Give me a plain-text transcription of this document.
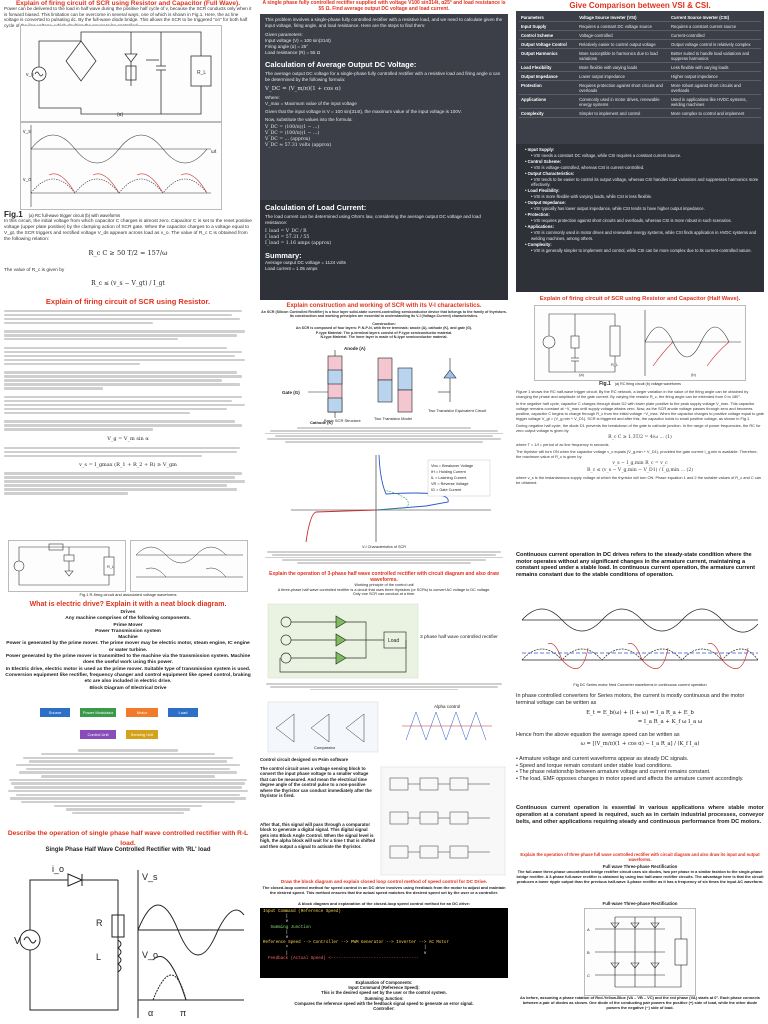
Explain of firing circuit of SCR using Resistor and Capacitor (Full Wave).
Power can be delivered to the load in half wave during the positive half cycle of v, because the SCR conducts only when it is forward biased. This limitation can be overcome in several ways, one of which is shown in Fig.1. Here, the ac line voltage is converted to pulsating dc. By the full-wave diode bridge. This allows the SCR to be triggered "on" for both half cycle of the line voltage, which doubles the power to be controlled.
v_s	R_L
(a)
v_s
v_o
ωt
Fig.1 (a) RC full-wave trigger circuit (b) with waveforms
In this circuit, the initial voltage from which capacitor C charges is almost zero. Capacitor C is set to the reset positive voltage (upper plate positive) by the clamping action of SCR gate. When the capacitor charges to a voltage equal to V_gt, the SCR triggers and rectified voltage V_ds appears across load as v_o. The value of R_c C is obtained from the following relation:
R_c C ≥ 50 T/2 = 157/ω
The value of R_c is given by
R_c ≤ (v_s − V_gt) / I_gt
Explain of firing circuit of SCR using Resistor.
V_g = V_m sin α
v_s = I_gmax (R_1 + R_2 + R) ≥ V_gm
R_L
Fig.1 R-firing circuit and associated voltage waveforms
What is electric drive? Explain it with a neat block diagram.
Drives
Any machine comprises of the following components.
Prime Mover
Power Transmission system
Machine
Power is generated by the prime mover. The prime mover may be electric motor, steam engine, IC engine or water turbine.
Power generated by the prime mover is transmitted to the machine via the transmission system. Machine does the useful work using this power.
In Electric drive, electric motor is used as the prime mover. Suitable type of transmission system is used.
Conversion equipment like rectifier, frequency changer and control equipment like speed control, braking etc are also included in electric drive.
Block Diagram of Electrical Drive
Source	Power Modulator	Motor	Load
Control Unit	Sensing Unit
Describe the operation of single phase half wave controlled rectifier with R-L load.
Single Phase Half Wave Controlled Rectifier with 'RL' load
V
R
L
i_o
V_s
V_o
α	π
A single phase fully controlled rectifier supplied with voltage V100 sin314t, α25° and load resistance is 55 Ω. Find average output DC voltage and load current.
This problem involves a single-phase fully controlled rectifier with a resistive load, and we need to calculate given the input voltage, firing angle, and load resistance. Here are the steps to find them:
Given parameters:
Input voltage (V) = 100 sin(314t)
Firing angle (α) = 25°
Load resistance (R) = 55 Ω
Calculation of Average Output DC Voltage:
The average output DC voltage for a single-phase fully controlled rectifier with a resistive load and firing angle α can be determined by the following formula:
V_DC = (V_m/π)(1 + cos α)
Where:
V_max = Maximum value of the input voltage
Given that the input voltage is V = 100 sin(314t), the maximum value of the input voltage is 100V.
Now, substitute the values into the formula:
V_DC = (100/π)(1 − ...)
V_DC = (100/π)(1 − ...)
V_DC = ... (approx)
V_DC ≈ 57.31 volts (approx)
Calculation of Load Current:
The load current can be determined using Ohm's law, considering the average output DC voltage and load resistance:
I_load = V_DC / R
I_load = 57.31 / 55
I_load = 1.16 amps (approx)
Summary:
Average output DC voltage = 1124 volts
Load current = 1.05 amps
Explain construction and working of SCR with its V-I characteristics.
An SCR (Silicon Controlled Rectifier) is a four layer solid-state current-controlling semiconductor device that belongs to the family of thyristors. Its construction and working principles are essential to understanding its V-I (Voltage-Current) characteristics.
Construction:
An SCR is composed of four layers: P-N-P-N, with three terminals: anode (A), cathode (K), and gate (G).
P-type Material: The p-terminal layers consist of P-type semiconductor material.
N-type Material: The inner layer is made of N-type semiconductor material.
Anode (A)
Gate (G)
Basic SCR Structure	Two Transistor Model
Two Transistor Equivalent Circuit
Cathode (K)
Vbo = Breakover Voltage
IH = Holding Current
IL = Latching Current
VR = Reverse Voltage
IG = Gate Current
V-I Characteristics of SCR
Explain the operation of 3-phase half wave controlled rectifier with circuit diagram and also draw waveforms.
Working principle of the control unit
A three-phase half wave controlled rectifier is a circuit that uses three thyristors (or SCRs) to convert AC voltage to DC voltage.
Only one SCR can conduct at a time.
Load
3 phase half wave controlled rectifier
Comparator
Alpha control
Control circuit designed on Psim software
The control circuit uses a voltage sensing block to convert the input phase voltage to a smaller voltage that can be measured. And mean the electrical time degree angle of the control pulse to a non-positive where the thyristor can conduct immediately after the thyristor is fired.
After that, this signal will pass through a comparator block to generate a digital signal. This digital signal gets into Block Angle Control. When the signal level is high, the alpha block will wait for a time t that is shifted and then output a signal to activate the thyristor.
Draw the block diagram and explain closed loop control method of speed control for DC Drive.
The closed-loop control method for speed control in an DC drive involves using feedback from the motor to adjust and maintain the desired speed. This method ensures that the actual speed matches the desired speed set by the user or a controller.
A block diagram and explanation of the closed-loop speed control method for an DC drive:
Input Command (Reference Speed)
|
v
Summing Junction
|
v
Reference Speed --> Controller --> PWM Generator --> Inverter --> AC Motor
^                                                      |
|                                                      v
Feedback (Actual Speed) <-----------------------------------
Explanation of Components:
Input Command (Reference Speed):
This is the desired speed set by the user or the control system.
Summing Junction:
Compares the reference speed with the feedback signal speed to generate an error signal.
Controller:
Give Comparison between VSI & CSI.
Parameters	Voltage Source Inverter (VSI)	Current Source Inverter (CSI)
Input Supply	Requires a constant DC voltage source	Requires a constant current source
Control Scheme	Voltage-controlled	Current-controlled
Output Voltage Control	Relatively easier to control output voltage	Output voltage control is relatively complex
Output Harmonics	More susceptible to harmonics due to load variations	Better suited to handle load variations and suppress harmonics
Load Flexibility	More flexible with varying loads	Less flexible with varying loads
Output Impedance	Lower output impedance	Higher output impedance
Protection	Requires protection against short circuits and overloads	More robust against short circuits and overloads
Applications	Commonly used in motor drives, renewable energy systems	Used in applications like HVDC systems, welding machines
Complexity	Simpler to implement and control	More complex to control and implement
• Input Supply:
• VSI needs a constant DC voltage, while CSI requires a constant current source.
• Control Scheme:
• VSI is voltage-controlled, whereas CSI is current-controlled.
• Output Characteristics:
• VSI tends to be easier to control its output voltage, whereas CSI handles load variations and suppresses harmonics more effectively.
• Load Flexibility:
• VSI is more flexible with varying loads, while CSI is less flexible.
• Output Impedance:
• VSI typically has lower output impedance, while CSI tends to have higher output impedance.
• Protection:
• VSI requires protection against short circuits and overloads, whereas CSI is more robust in such scenarios.
• Applications:
• VSI is commonly used in motor drives and renewable energy systems, while CSI finds application in HVDC systems and welding machines, among others.
• Complexity:
• VSI is generally simpler to implement and control, while CSI can be more complex due to its current-controlled nature.
Explain of firing circuit of SCR using Resistor and Capacitor (Half Wave).
R_L
(a)	(b)
Fig.1 (a) RC firing circuit (b) voltage waveforms
Figure 1 shows the RC half-wave trigger circuit. By the RC network, a larger variation in the value of the firing angle can be obtained by changing the phase and amplitude of the gate current. By varying the resistor R_c, the firing angle can be extended from 0 to 180°.
In the negative half cycle, capacitor C charges through diode D2 with lower plate positive to the peak supply voltage V_max. This capacitor voltage remains constant at −V_max until supply voltage attains zero. Now, as the SCR anode voltage passes through zero and becomes positive, capacitor C begins to charge through R_c from the initial voltage −V_max. When the capacitor charges to positive voltage equal to gate trigger voltage V_gt = (V_g,min + V_D1), SCR is triggered and after this, the capacitor holds to small positive voltage, as shown in Fig.1.
During negative half cycle, the diode D1 prevents the breakdown of the gate to cathode junction. In the range of power frequencies, the RC for zero output voltage is given by
R_c C ≥ 1.3T/2 = 4/ω ... (1)
where T = 1/f = period of ac line frequency in seconds.
The thyristor will turn ON when the capacitor voltage v_c equals (V_g,min + V_D1), provided the gate current I_g,min is available. Therefore, the maximum value of R_c is given by
v_s − I_g,min R_c = v_c
R_c ≤ (v_s − V_g,min − V_D1) / I_g,min ... (2)
where v_s is the instantaneous supply voltage at which the thyristor will turn ON. Phase equation 1 and 2 the suitable values of R_c and C can be obtained.
Continuous current operation in DC drives refers to the steady-state condition where the motor operates without any significant changes in the armature current, maintaining a constant speed under a stable load. In continuous current operation, the armature current remains constant due to the stable conditions of operation.
Fig DC Series motor fired Converter waveforms in continuous current operation
In phase controlled converters for Series motors, the current is mostly continuous and the motor terminal voltage can be written as
E_t = E_b(ω) + (I + ω) = I_a R_a + E_b
= I_a R_a + K_f ω I_a ω
Hence from the above equation the average speed can be written as
ω = [(V_m/π)(1 + cos α) − I_a R_a] / (K_f I_a)
• Armature voltage and current waveforms appear as steady DC signals.
• Speed and torque remain constant under stable load conditions.
• The phase relationship between armature voltage and current remains constant.
• The load, EMF opposes changes in motor speed and affects the armature current accordingly.
Continuous current operation is essential in various applications where stable motor operation at a constant speed is required, such as in certain industrial processes, conveyor belts, and other applications requiring steady and continuous performance from DC motors.
Explain the operation of three phase full wave controlled rectifier with circuit diagram and also draw its input and output waveforms.
Full wave Three-phase Rectification
The full-wave three-phase uncontrolled bridge rectifier circuit uses six diodes, two per phase in a similar fashion to the single-phase bridge rectifier. A 3-phase full-wave rectifier is obtained by using two half-wave rectifier circuits. The advantage here is that the circuit produces a lower ripple output than the previous half-wave 3-phase rectifier as it has a frequency of six times the input AC waveform.
Full-wave Three-phase Rectification
A
B
C
As before, assuming a phase rotation of Red-Yellow-Blue (VA – VB – VC) and the red phase (VA) starts at 0°. Each phase connects between a pair of diodes as shown. One diode of the conducting pair powers the positive (+) side of load, while the other diode powers the negative (−) side of load.
